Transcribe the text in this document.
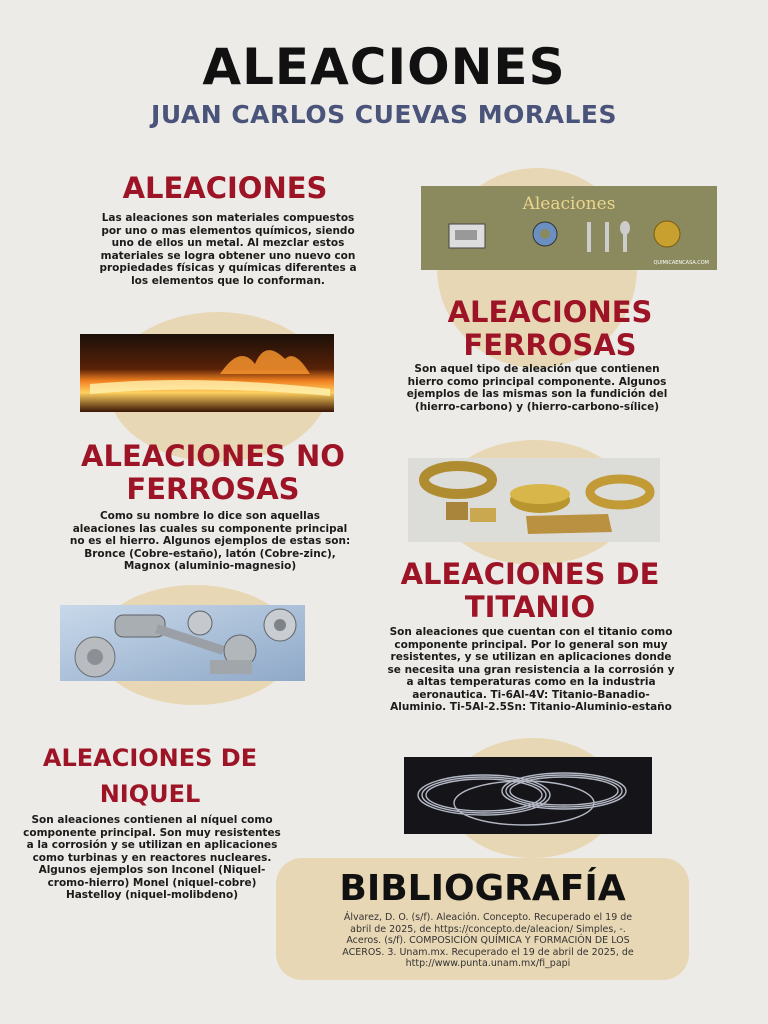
ALEACIONES
JUAN CARLOS CUEVAS MORALES
ALEACIONES
Las aleaciones son materiales compuestos por uno o mas elementos químicos, siendo uno de ellos un metal. Al mezclar estos materiales se logra obtener uno nuevo con propiedades físicas y químicas diferentes a los elementos que lo conforman.
Aleaciones
QUIMICAENCASA.COM
ALEACIONES
FERROSAS
Son aquel tipo de aleación que contienen hierro como principal componente. Algunos ejemplos de las mismas son la fundición del (hierro-carbono) y (hierro-carbono-sílice)
ALEACIONES NO
FERROSAS
Como su nombre lo dice son aquellas aleaciones las cuales su componente principal no es el hierro. Algunos ejemplos de estas son: Bronce (Cobre-estaño), latón (Cobre-zinc), Magnox (aluminio-magnesio)	ALEACIONES DE
TITANIO
Son aleaciones que cuentan con el titanio como componente principal. Por lo general son muy resistentes, y se utilizan en aplicaciones donde se necesita una gran resistencia a la corrosión y a altas temperaturas como en la industria aeronautica. Ti-6Al-4V: Titanio-Banadio- Aluminio. Ti-5Al-2.5Sn: Titanio-Aluminio-estaño
ALEACIONES DE
NIQUEL
Son aleaciones contienen al níquel como componente principal. Son muy resistentes a la corrosión y se utilizan en aplicaciones como turbinas y en reactores nucleares. Algunos ejemplos son Inconel (Niquel-cromo-hierro) Monel (niquel-cobre) Hastelloy (niquel-molibdeno)	BIBLIOGRAFÍA
Álvarez, D. O. (s/f). Aleación. Concepto. Recuperado el 19 de abril de 2025, de https://concepto.de/aleacion/ Simples, -. Aceros. (s/f). COMPOSICIÓN QUÍMICA Y FORMACIÓN DE LOS ACEROS. 3. Unam.mx. Recuperado el 19 de abril de 2025, de http://www.punta.unam.mx/fi_papi
